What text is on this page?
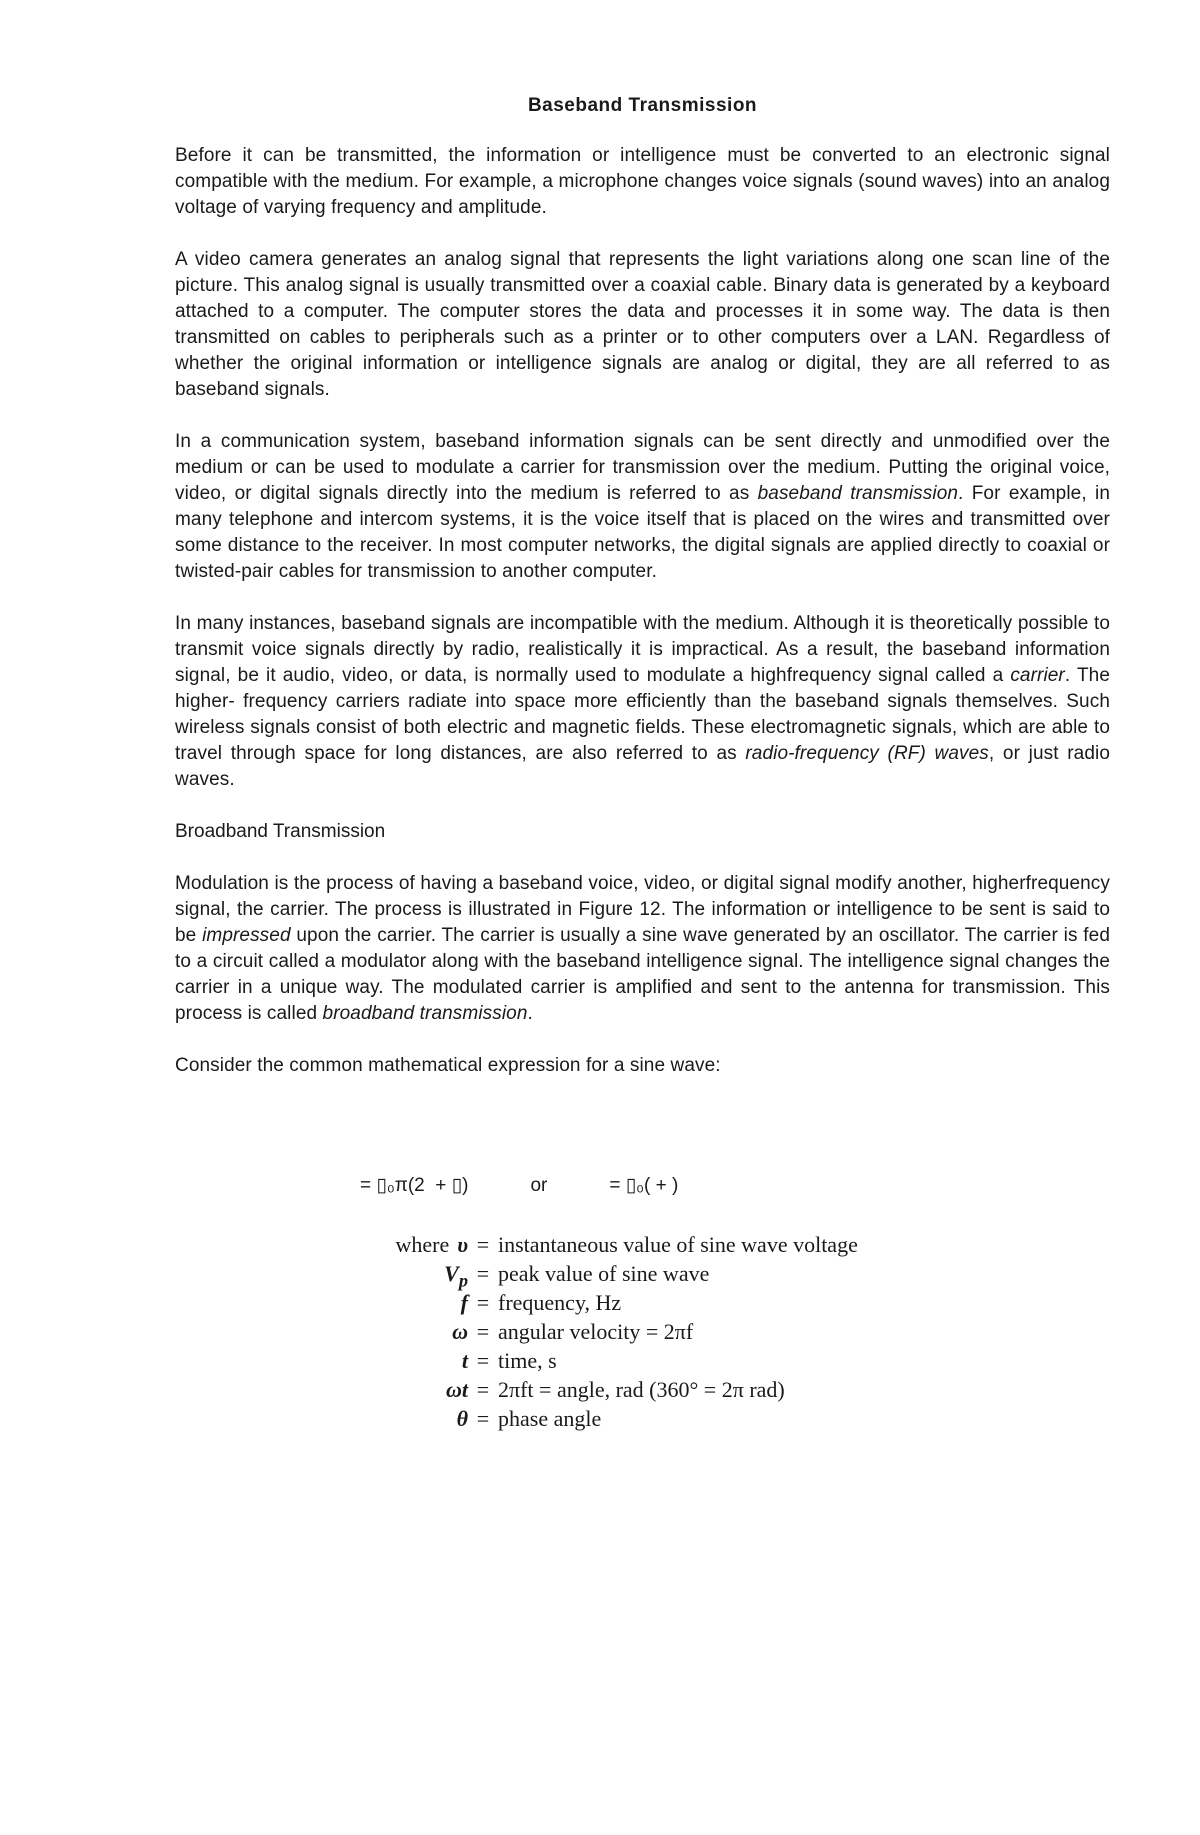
Baseband Transmission

Before it can be transmitted, the information or intelligence must be converted to an electronic signal compatible with the medium. For example, a microphone changes voice signals (sound waves) into an analog voltage of varying frequency and amplitude.

A video camera generates an analog signal that represents the light variations along one scan line of the picture. This analog signal is usually transmitted over a coaxial cable. Binary data is generated by a keyboard attached to a computer. The computer stores the data and processes it in some way. The data is then transmitted on cables to peripherals such as a printer or to other computers over a LAN. Regardless of whether the original information or intelligence signals are analog or digital, they are all referred to as baseband signals.

In a communication system, baseband information signals can be sent directly and unmodified over the medium or can be used to modulate a carrier for transmission over the medium. Putting the original voice, video, or digital signals directly into the medium is referred to as baseband transmission. For example, in many telephone and intercom systems, it is the voice itself that is placed on the wires and transmitted over some distance to the receiver. In most computer networks, the digital signals are applied directly to coaxial or twisted-pair cables for transmission to another computer.

In many instances, baseband signals are incompatible with the medium. Although it is theoretically possible to transmit voice signals directly by radio, realistically it is impractical. As a result, the baseband information signal, be it audio, video, or data, is normally used to modulate a highfrequency signal called a carrier. The higher- frequency carriers radiate into space more efficiently than the baseband signals themselves. Such wireless signals consist of both electric and magnetic fields. These electromagnetic signals, which are able to travel through space for long distances, are also referred to as radio-frequency (RF) waves, or just radio waves.

Broadband Transmission

Modulation is the process of having a baseband voice, video, or digital signal modify another, higherfrequency signal, the carrier. The process is illustrated in Figure 12. The information or intelligence to be sent is said to be impressed upon the carrier. The carrier is usually a sine wave generated by an oscillator. The carrier is fed to a circuit called a modulator along with the baseband intelligence signal. The intelligence signal changes the carrier in a unique way. The modulated carrier is amplified and sent to the antenna for transmission. This process is called broadband transmission.

Consider the common mathematical expression for a sine wave:

= ▯₀π(2  + ▯)	or	= ▯₀( + )
where υ = instantaneous value of sine wave voltage
$V_p$ = peak value of sine wave
f = frequency, Hz
ω = angular velocity = 2πf
t = time, s
ωt = 2πft = angle, rad (360° = 2π rad)
θ = phase angle
